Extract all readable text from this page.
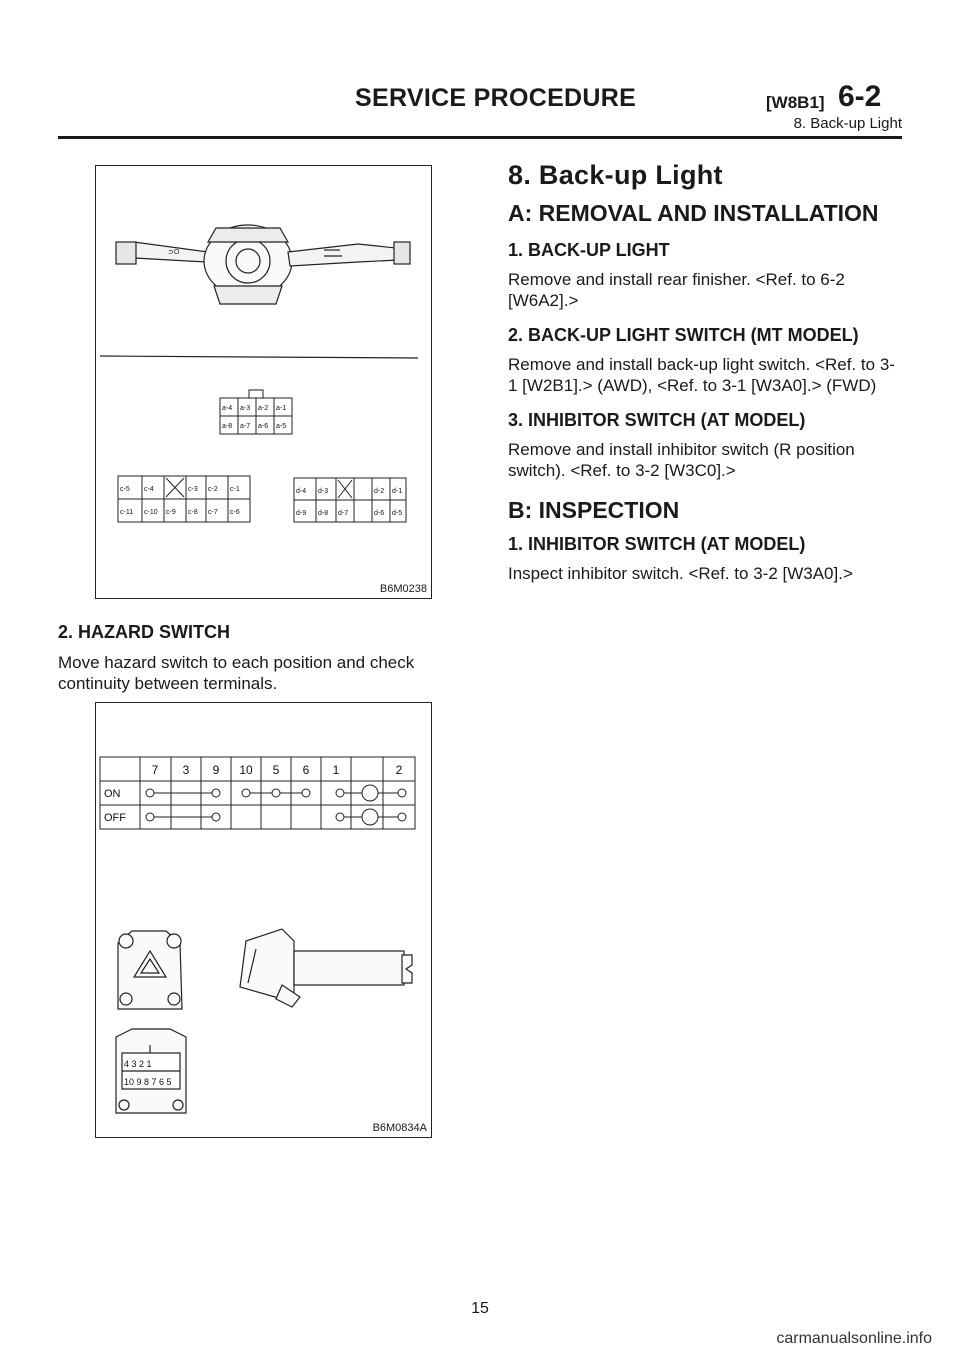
SERVICE PROCEDURE	[W8B1] 6-2
8. Back-up Light
⊃O
a-4 a-3 a-2 a-1
a-8 a-7 a-6 a-5
c-5 c-4	c-3 c-2 c-1
c-11 c-10 c-9 c-8 c-7 c-6
d-4 d-3	d-2 d-1
d-9 d-8 d-7	d-6 d-5
B6M0238
2. HAZARD SWITCH

Move hazard switch to each position and check continuity between terminals.

7 3 9 10 5 6 1	2
ON
OFF
4 3 2 1
10 9 8 7 6 5
B6M0834A
8. Back-up Light
A: REMOVAL AND INSTALLATION
1. BACK-UP LIGHT

Remove and install rear finisher. <Ref. to 6-2 [W6A2].>

2. BACK-UP LIGHT SWITCH (MT MODEL)

Remove and install back-up light switch. <Ref. to 3-1 [W2B1].> (AWD), <Ref. to 3-1 [W3A0].> (FWD)

3. INHIBITOR SWITCH (AT MODEL)

Remove and install inhibitor switch (R position switch). <Ref. to 3-2 [W3C0].>

B: INSPECTION
1. INHIBITOR SWITCH (AT MODEL)

Inspect inhibitor switch. <Ref. to 3-2 [W3A0].>

15
carmanualsonline.info
